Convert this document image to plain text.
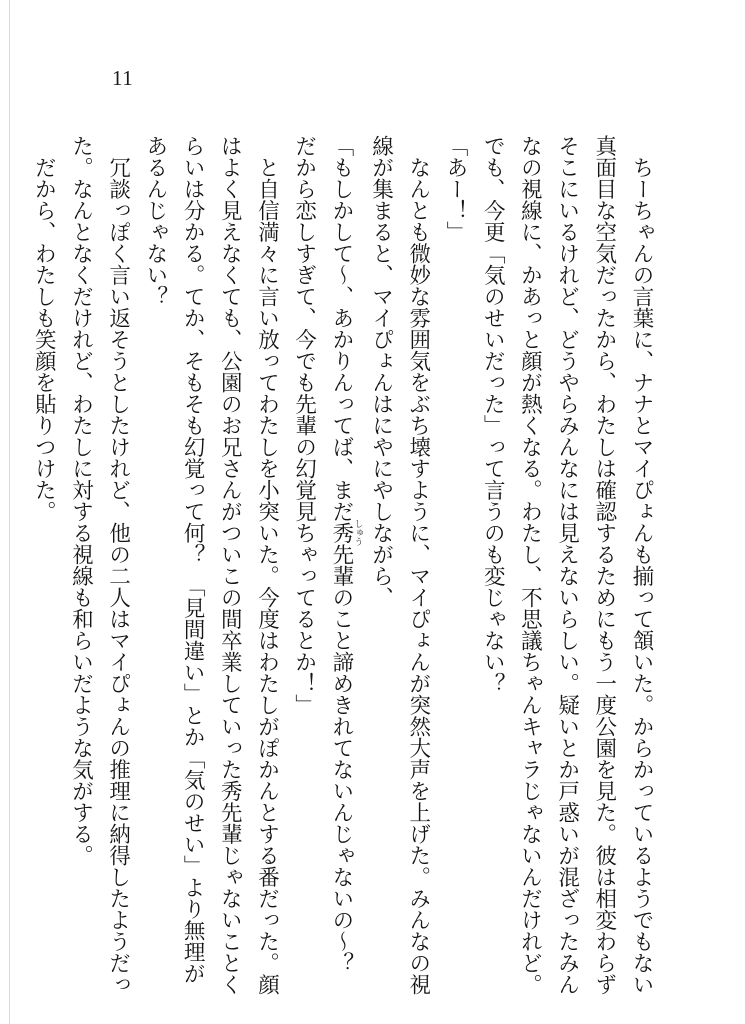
11

　ちーちゃんの言葉に、ナナとマイぴょんも揃って頷いた。からかっているようでもない真面目な空気だったから、わたしは確認するためにもう一度公園を見た。彼は相変わらずそこにいるけれど、どうやらみんなには見えないらしい。疑いとか戸惑いが混ざったみんなの視線に、かあっと顔が熱くなる。わたし、不思議ちゃんキャラじゃないんだけれど。でも、今更「気のせいだった」って言うのも変じゃない？

「あー！」

　なんとも微妙な雰囲気をぶち壊すように、マイぴょんが突然大声を上げた。みんなの視線が集まると、マイぴょんはにやにやしながら、

「もしかして～、あかりんってば、まだ秀しゅう先輩のこと諦めきれてないんじゃないの～？　だから恋しすぎて、今でも先輩の幻覚見ちゃってるとか！」

　と自信満々に言い放ってわたしを小突いた。今度はわたしがぽかんとする番だった。顔はよく見えなくても、公園のお兄さんがついこの間卒業していった秀先輩じゃないことくらいは分かる。てか、そもそも幻覚って何？　「見間違い」とか「気のせい」より無理があるんじゃない？

　冗談っぽく言い返そうとしたけれど、他の二人はマイぴょんの推理に納得したようだった。なんとなくだけれど、わたしに対する視線も和らいだような気がする。

　だから、わたしも笑顔を貼りつけた。
